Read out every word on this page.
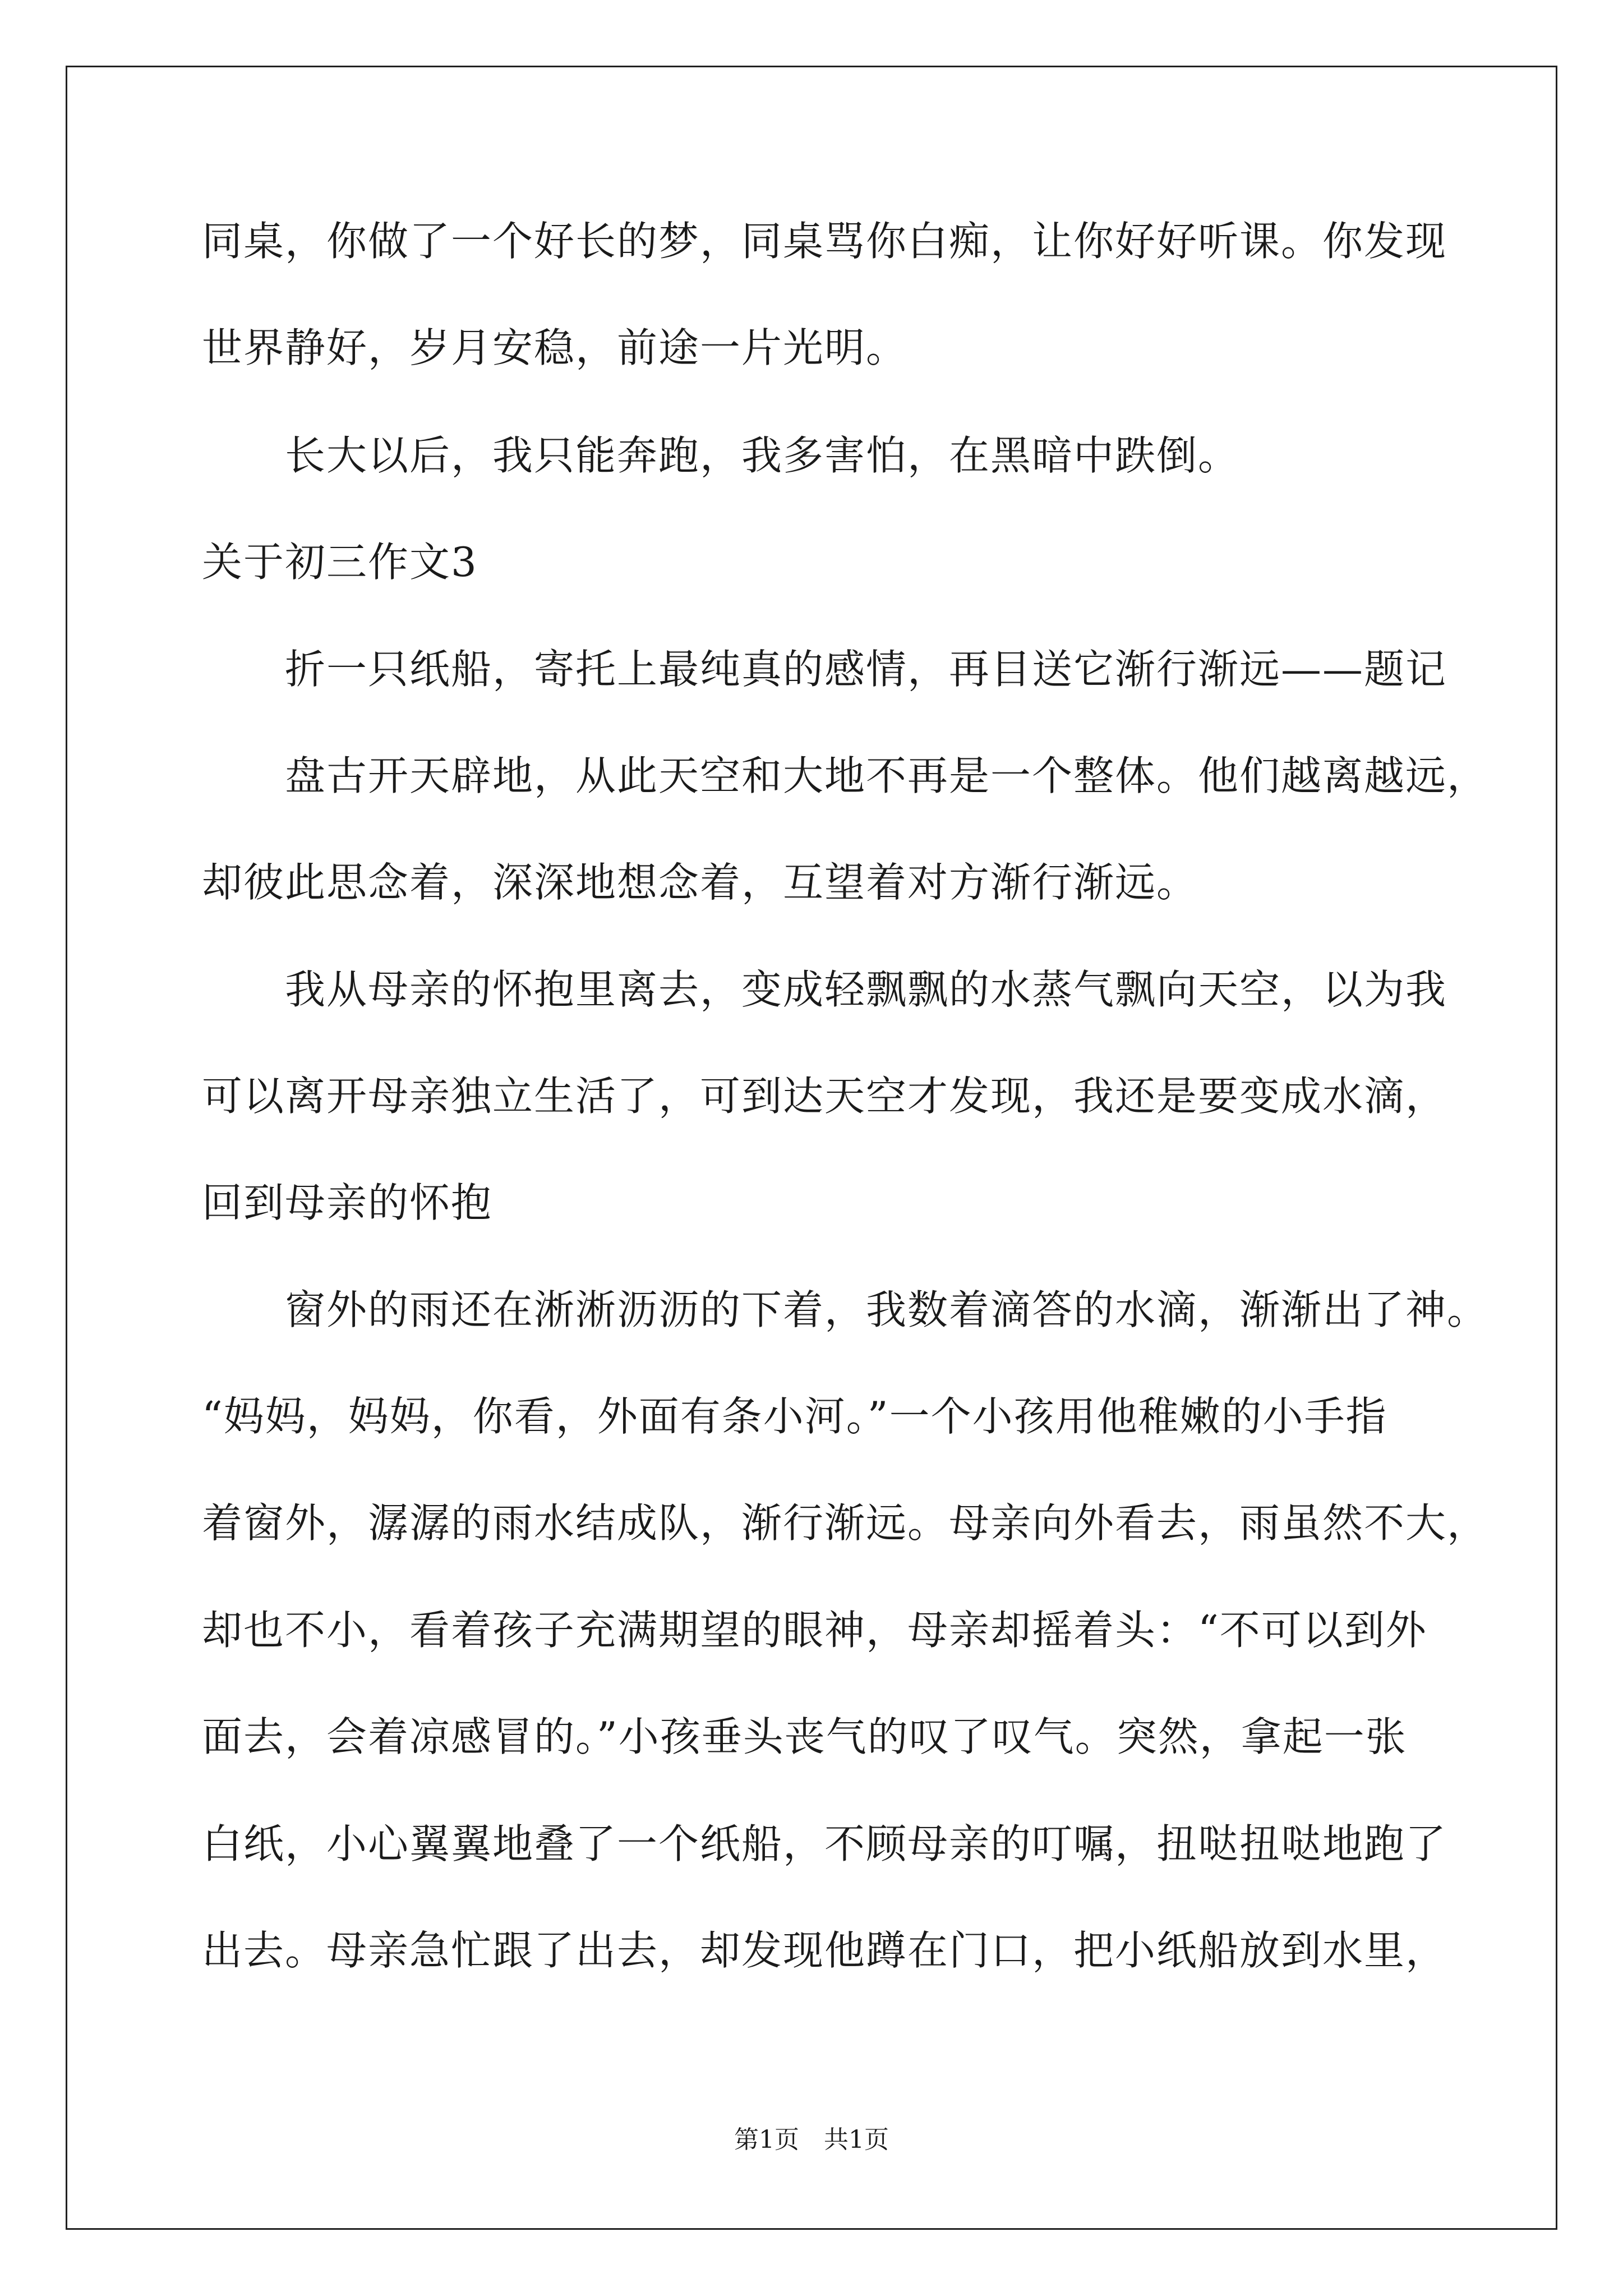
同桌，你做了一个好长的梦，同桌骂你白痴，让你好好听课。你发现
世界静好，岁月安稳，前途一片光明。
　　长大以后，我只能奔跑，我多害怕，在黑暗中跌倒。
关于初三作文3
　　折一只纸船，寄托上最纯真的感情，再目送它渐行渐远——题记
　　盘古开天辟地，从此天空和大地不再是一个整体。他们越离越远，
却彼此思念着，深深地想念着，互望着对方渐行渐远。
　　我从母亲的怀抱里离去，变成轻飘飘的水蒸气飘向天空，以为我
可以离开母亲独立生活了，可到达天空才发现，我还是要变成水滴，
回到母亲的怀抱
　　窗外的雨还在淅淅沥沥的下着，我数着滴答的水滴，渐渐出了神。
“妈妈，妈妈，你看，外面有条小河。”一个小孩用他稚嫩的小手指
着窗外，潺潺的雨水结成队，渐行渐远。母亲向外看去，雨虽然不大，
却也不小，看着孩子充满期望的眼神，母亲却摇着头：“不可以到外
面去，会着凉感冒的。”小孩垂头丧气的叹了叹气。突然，拿起一张
白纸，小心翼翼地叠了一个纸船，不顾母亲的叮嘱，扭哒扭哒地跑了
出去。母亲急忙跟了出去，却发现他蹲在门口，把小纸船放到水里，
第1页　共1页
